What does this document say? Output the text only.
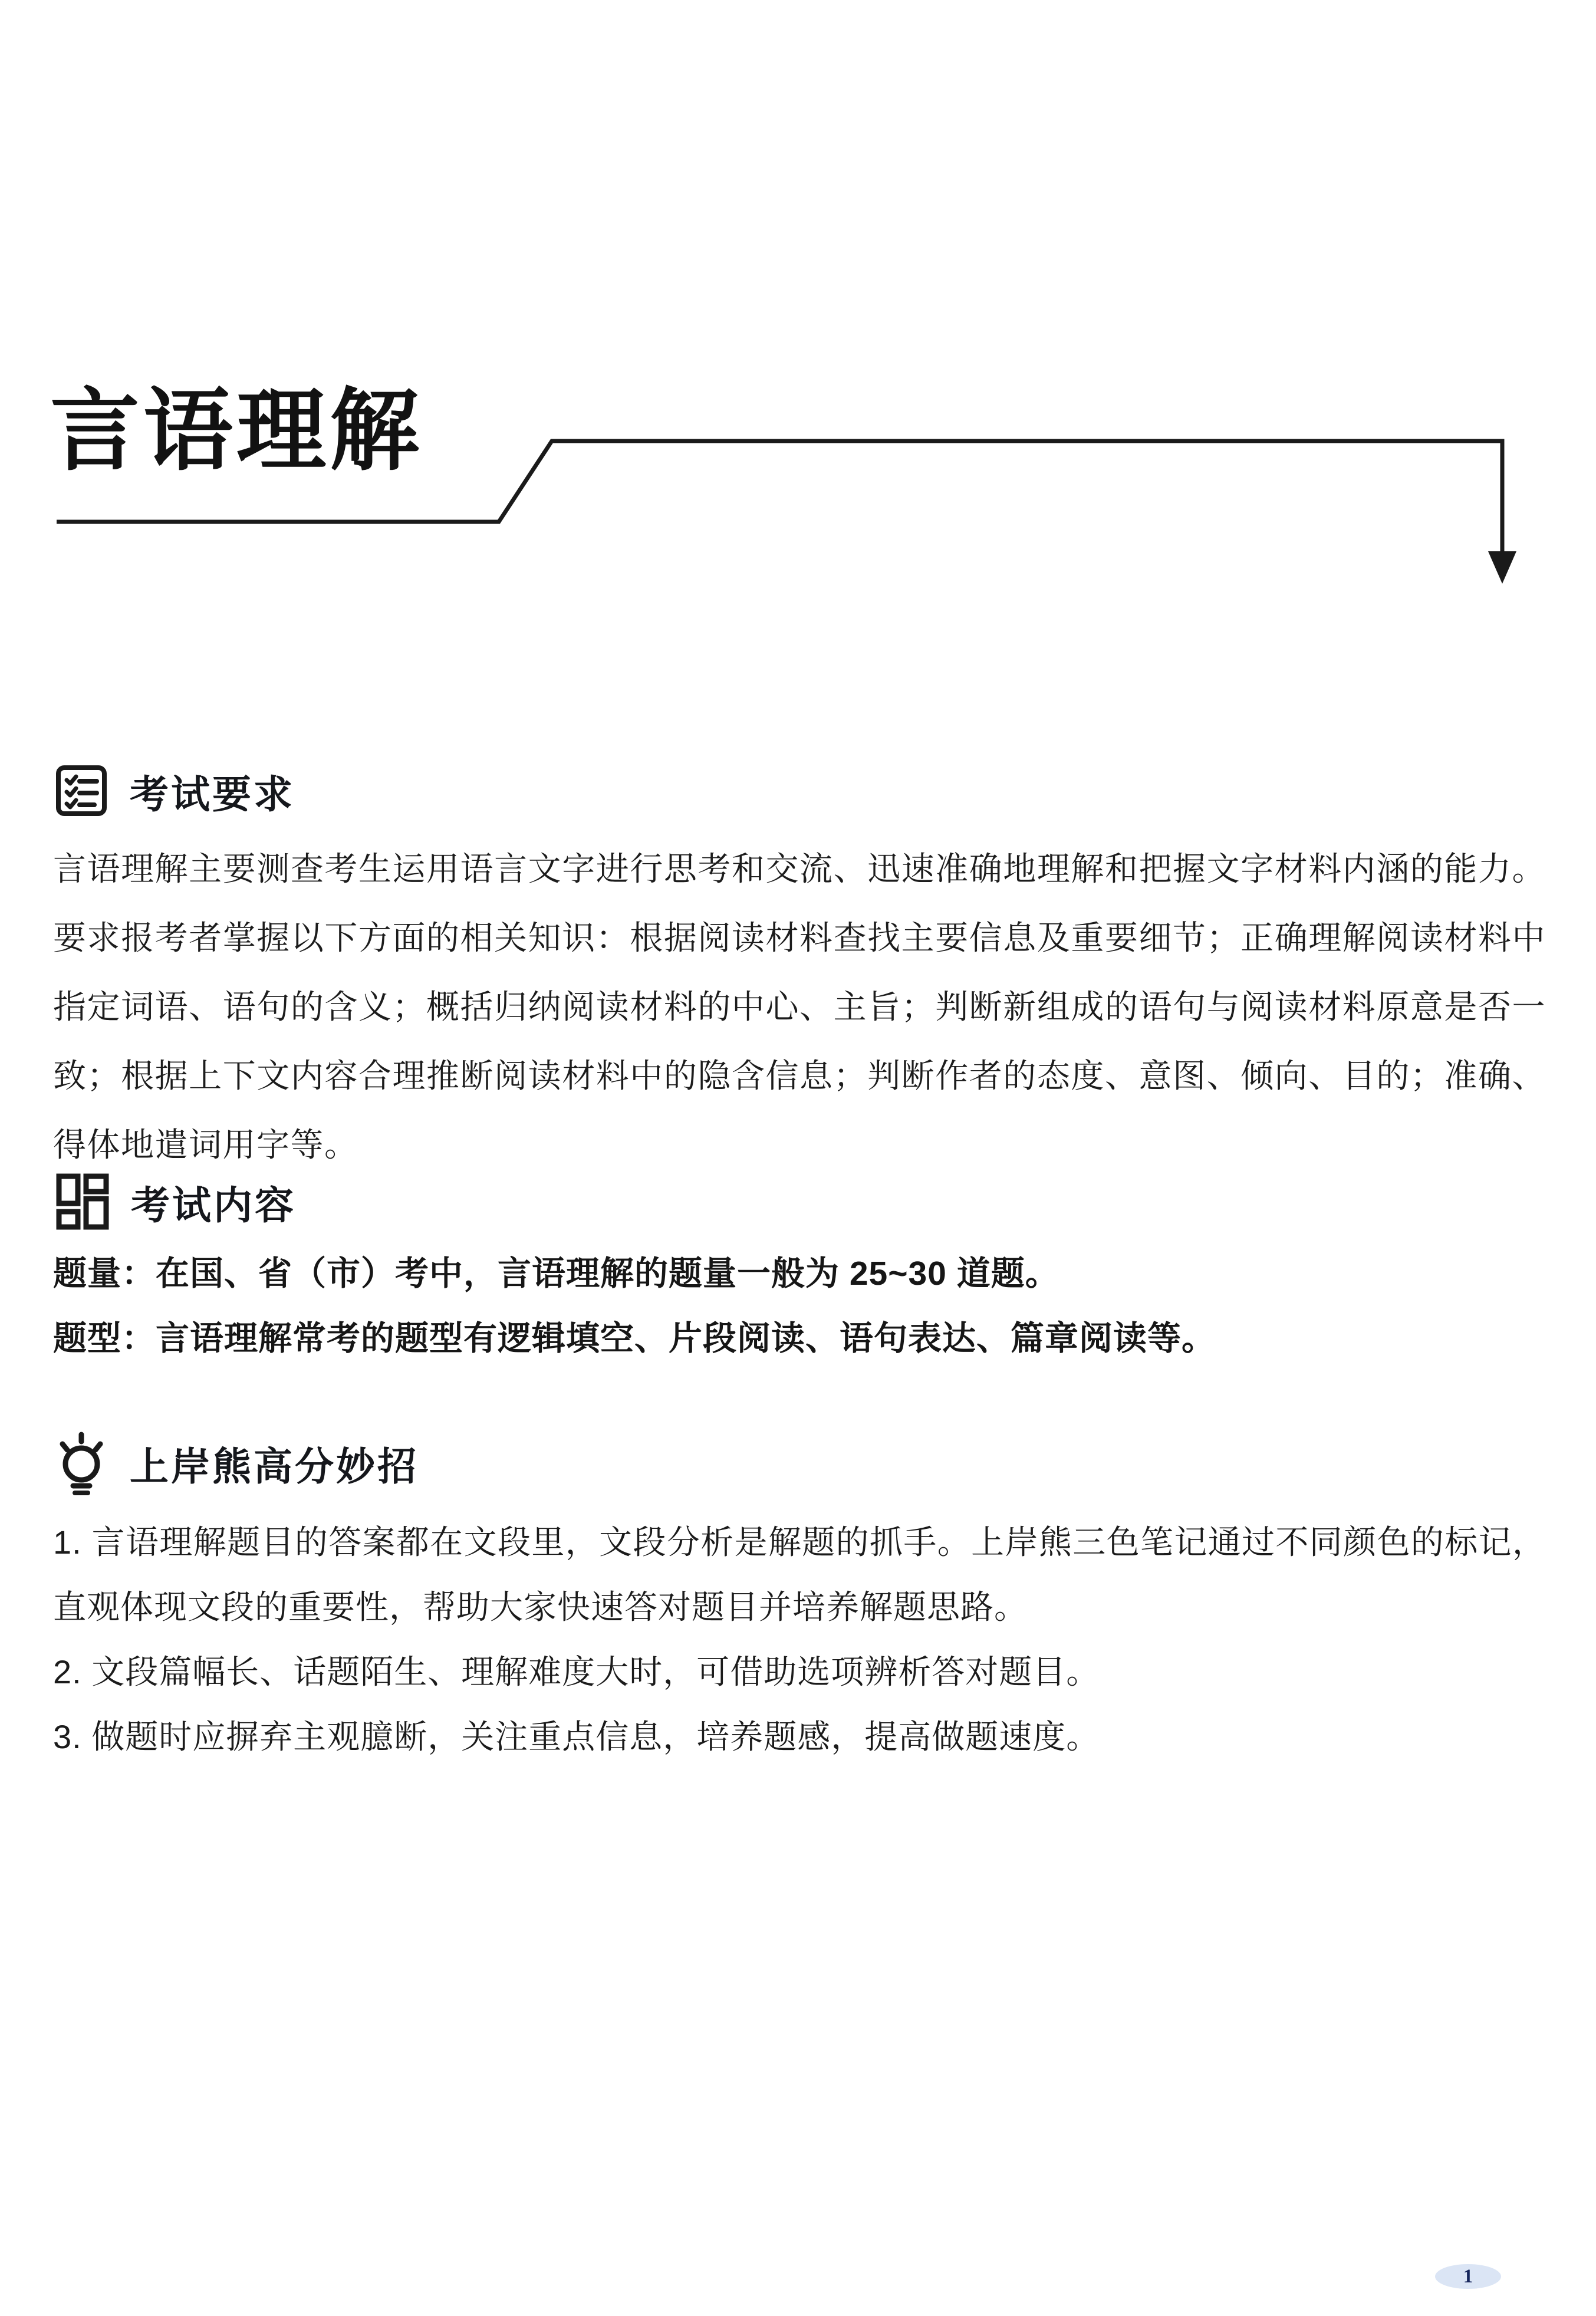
言语理解
考试要求

言语理解主要测查考生运用语言文字进行思考和交流、迅速准确地理解和把握文字材料内涵的能力。要求报考者掌握以下方面的相关知识：根据阅读材料查找主要信息及重要细节；正确理解阅读材料中指定词语、语句的含义；概括归纳阅读材料的中心、主旨；判断新组成的语句与阅读材料原意是否一致；根据上下文内容合理推断阅读材料中的隐含信息；判断作者的态度、意图、倾向、目的；准确、得体地遣词用字等。

考试内容

题量：在国、省（市）考中，言语理解的题量一般为 25~30 道题。

题型：言语理解常考的题型有逻辑填空、片段阅读、语句表达、篇章阅读等。

上岸熊高分妙招

1. 言语理解题目的答案都在文段里，文段分析是解题的抓手。上岸熊三色笔记通过不同颜色的标记，直观体现文段的重要性，帮助大家快速答对题目并培养解题思路。

2. 文段篇幅长、话题陌生、理解难度大时，可借助选项辨析答对题目。

3. 做题时应摒弃主观臆断，关注重点信息，培养题感，提高做题速度。

1
